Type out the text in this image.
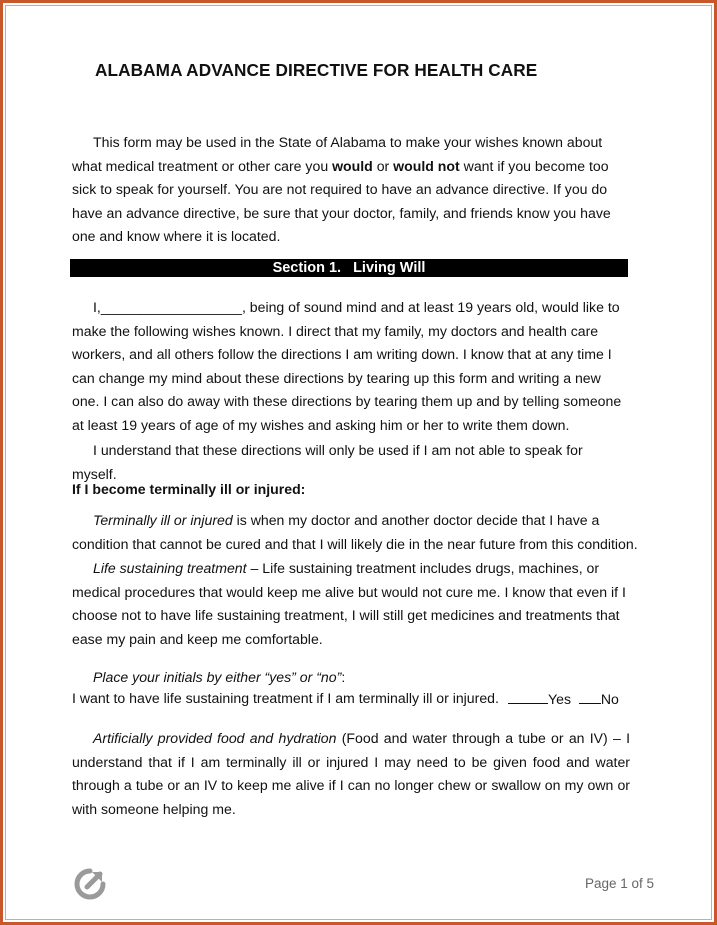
ALABAMA ADVANCE DIRECTIVE FOR HEALTH CARE

This form may be used in the State of Alabama to make your wishes known about what medical treatment or other care you would or would not want if you become too sick to speak for yourself. You are not required to have an advance directive. If you do have an advance directive, be sure that your doctor, family, and friends know you have one and know where it is located.

Section 1. Living Will

I,__________________, being of sound mind and at least 19 years old, would like to make the following wishes known. I direct that my family, my doctors and health care workers, and all others follow the directions I am writing down. I know that at any time I can change my mind about these directions by tearing up this form and writing a new one. I can also do away with these directions by tearing them up and by telling someone at least 19 years of age of my wishes and asking him or her to write them down.

I understand that these directions will only be used if I am not able to speak for myself.

If I become terminally ill or injured:

Terminally ill or injured is when my doctor and another doctor decide that I have a condition that cannot be cured and that I will likely die in the near future from this condition.

Life sustaining treatment – Life sustaining treatment includes drugs, machines, or medical procedures that would keep me alive but would not cure me. I know that even if I choose not to have life sustaining treatment, I will still get medicines and treatments that ease my pain and keep me comfortable.

Place your initials by either “yes” or “no”:

I want to have life sustaining treatment if I am terminally ill or injured.	Yes No

Artificially provided food and hydration (Food and water through a tube or an IV) – I understand that if I am terminally ill or injured I may need to be given food and water through a tube or an IV to keep me alive if I can no longer chew or swallow on my own or with someone helping me.

Page 1 of 5
